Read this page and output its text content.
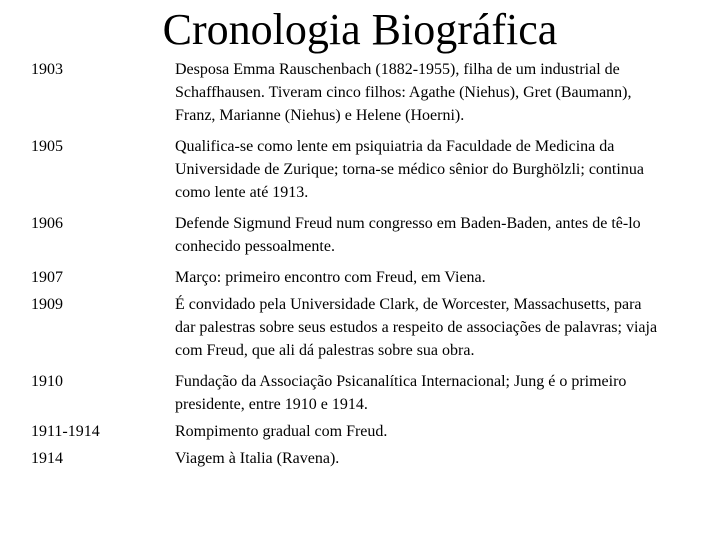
Cronologia Biográfica
1903	Desposa Emma Rauschenbach (1882-1955), filha de um industrial de Schaffhausen. Tiveram cinco filhos: Agathe (Niehus), Gret (Baumann), Franz, Marianne (Niehus) e Helene (Hoerni).
1905	Qualifica-se como lente em psiquiatria da Faculdade de Medicina da Universidade de Zurique; torna-se médico sênior do Burghölzli; continua como lente até 1913.
1906	Defende Sigmund Freud num congresso em Baden-Baden, antes de tê-lo conhecido pessoalmente.
1907	Março: primeiro encontro com Freud, em Viena.
1909	É convidado pela Universidade Clark, de Worcester, Massachusetts, para dar palestras sobre seus estudos a respeito de associações de palavras; viaja com Freud, que ali dá palestras sobre sua obra.
1910	Fundação da Associação Psicanalítica Internacional; Jung é o primeiro presidente, entre 1910 e 1914.
1911-1914	Rompimento gradual com Freud.
1914	Viagem à Italia (Ravena).
